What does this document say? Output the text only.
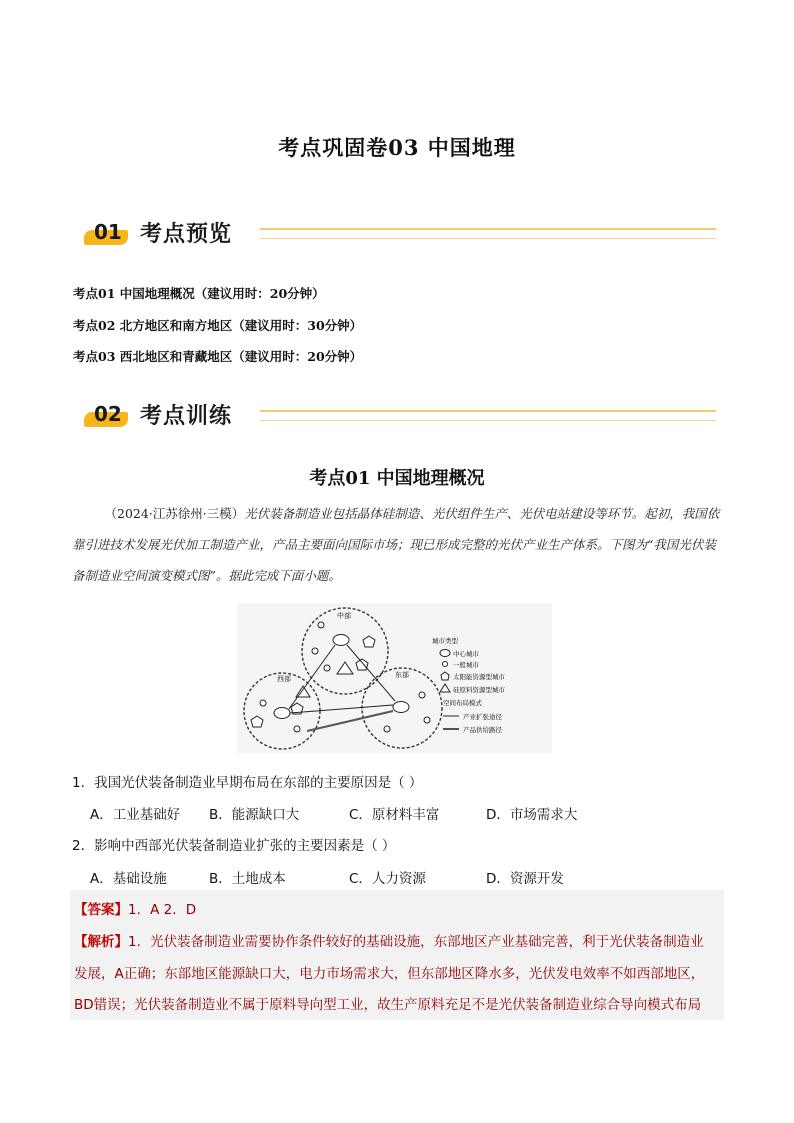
考点巩固卷03 中国地理
01 考点预览
考点01 中国地理概况（建议用时：20分钟）
考点02 北方地区和南方地区（建议用时：30分钟）
考点03 西北地区和青藏地区（建议用时：20分钟）
02 考点训练
考点01 中国地理概况
（2024·江苏徐州·三模）光伏装备制造业包括晶体硅制造、光伏组件生产、光伏电站建设等环节。起初，我国依靠引进技术发展光伏加工制造产业，产品主要面向国际市场；现已形成完整的光伏产业生产体系。下图为“我国光伏装备制造业空间演变模式图”。据此完成下面小题。
中部
西部	东部
城市类型
中心城市
一般城市
太阳能资源型城市
硅原料资源型城市
空间布局模式
产业扩张途径
产品供给路径
1．我国光伏装备制造业早期布局在东部的主要原因是（ ）
A．工业基础好 B．能源缺口大	C．原材料丰富	D．市场需求大
2．影响中西部光伏装备制造业扩张的主要因素是（ ）
A．基础设施	B．土地成本	C．人力资源	D．资源开发
【答案】1．A 2．D
【解析】1．光伏装备制造业需要协作条件较好的基础设施，东部地区产业基础完善，利于光伏装备制造业
发展，A正确；东部地区能源缺口大，电力市场需求大，但东部地区降水多，光伏发电效率不如西部地区，
BD错误；光伏装备制造业不属于原料导向型工业，故生产原料充足不是光伏装备制造业综合导向模式布局
